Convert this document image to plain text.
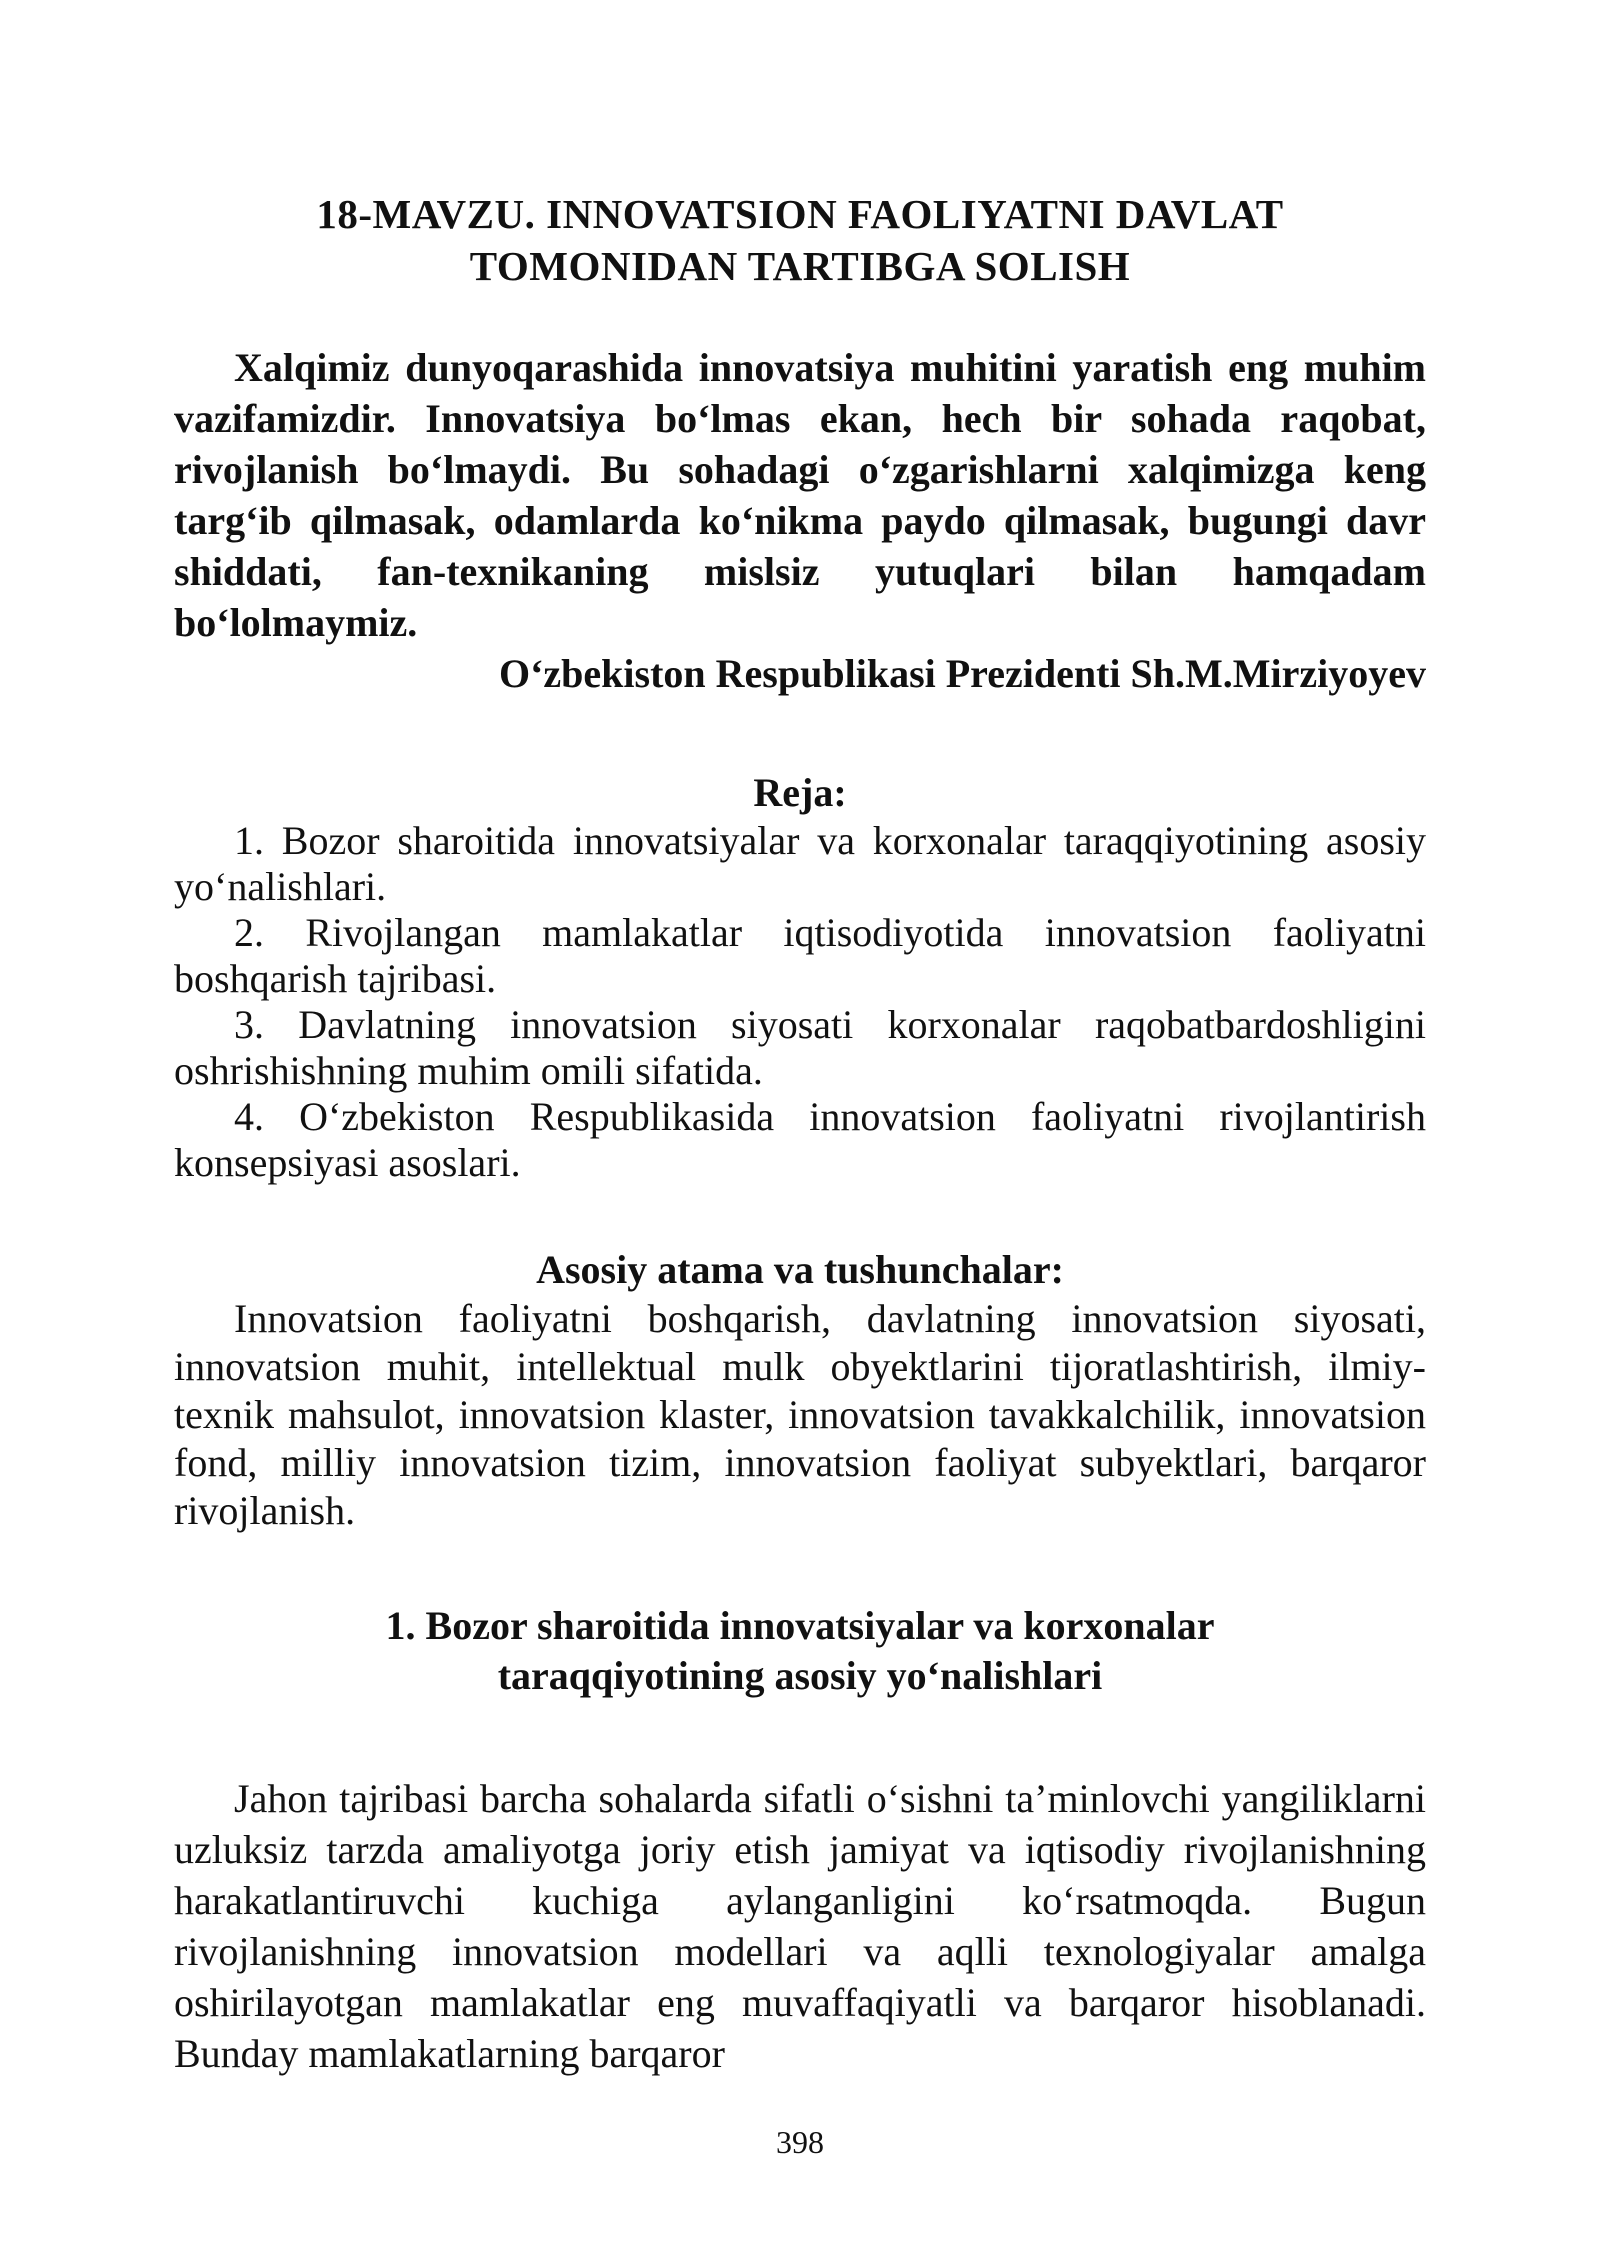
18-MAVZU. INNOVATSION FAOLIYATNI DAVLAT
TOMONIDAN TARTIBGA SOLISH
Xalqimiz dunyoqarashida innovatsiya muhitini yaratish eng muhim vazifamizdir. Innovatsiya bo‘lmas ekan, hech bir sohada raqobat, rivojlanish bo‘lmaydi. Bu sohadagi o‘zgarishlarni xalqimizga keng targ‘ib qilmasak, odamlarda ko‘nikma paydo qilmasak, bugungi davr shiddati, fan-texnikaning mislsiz yutuqlari bilan hamqadam bo‘lolmaymiz.
O‘zbekiston Respublikasi Prezidenti Sh.M.Mirziyoyev
Reja:
1. Bozor sharoitida innovatsiyalar va korxonalar taraqqiyotining asosiy yo‘nalishlari.
2. Rivojlangan mamlakatlar iqtisodiyotida innovatsion faoliyatni boshqarish tajribasi.
3. Davlatning innovatsion siyosati korxonalar raqobatbardoshligini oshrishishning muhim omili sifatida.
4. O‘zbekiston Respublikasida innovatsion faoliyatni rivojlantirish konsepsiyasi asoslari.
Asosiy atama va tushunchalar:

Innovatsion faoliyatni boshqarish, davlatning innovatsion siyosati, innovatsion muhit, intellektual mulk obyektlarini tijoratlashtirish, ilmiy-texnik mahsulot, innovatsion klaster, innovatsion tavakkalchilik, innovatsion fond, milliy innovatsion tizim, innovatsion faoliyat subyektlari, barqaror rivojlanish.

1. Bozor sharoitida innovatsiyalar va korxonalar
taraqqiyotining asosiy yo‘nalishlari

Jahon tajribasi barcha sohalarda sifatli o‘sishni ta’minlovchi yangiliklarni uzluksiz tarzda amaliyotga joriy etish jamiyat va iqtisodiy rivojlanishning harakatlantiruvchi kuchiga aylanganligini ko‘rsatmoqda. Bugun rivojlanishning innovatsion modellari va aqlli texnologiyalar amalga oshirilayotgan mamlakatlar eng muvaffaqiyatli va barqaror hisoblanadi. Bunday mamlakatlarning barqaror

398
